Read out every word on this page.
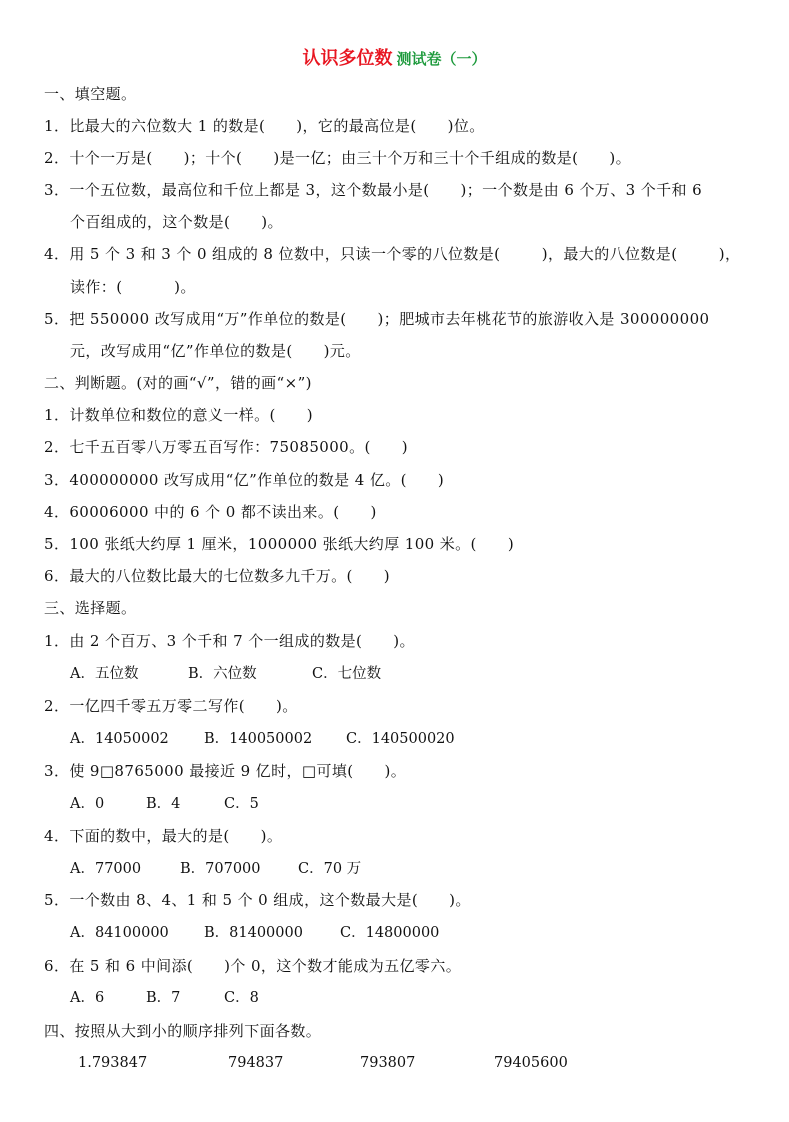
认识多位数 测试卷（一）
一、填空题。
1．比最大的六位数大 1 的数是(      )，它的最高位是(      )位。
2．十个一万是(      )；十个(      )是一亿；由三十个万和三十个千组成的数是(      )。
3．一个五位数，最高位和千位上都是 3，这个数最小是(      )；一个数是由 6 个万、3 个千和 6
个百组成的，这个数是(      )。
4．用 5 个 3 和 3 个 0 组成的 8 位数中，只读一个零的八位数是(        )，最大的八位数是(        )，
读作：(          )。
5．把 550000 改写成用“万”作单位的数是(      )；肥城市去年桃花节的旅游收入是 300000000
元，改写成用“亿”作单位的数是(      )元。
二、判断题。(对的画“√”，错的画“×”)
1．计数单位和数位的意义一样。(      )
2．七千五百零八万零五百写作：75085000。(      )
3．400000000 改写成用“亿”作单位的数是 4 亿。(      )
4．60006000 中的 6 个 0 都不读出来。(      )
5．100 张纸大约厚 1 厘米，1000000 张纸大约厚 100 米。(      )
6．最大的八位数比最大的七位数多九千万。(      )
三、选择题。
1．由 2 个百万、3 个千和 7 个一组成的数是(      )。
A．五位数	B．六位数	C．七位数
2．一亿四千零五万零二写作(      )。
A．14050002 B．140050002 C．140500020
3．使 9□8765000 最接近 9 亿时，□可填(      )。
A．0	B．4	C．5
4．下面的数中，最大的是(      )。
A．77000	B．707000	C．70 万
5．一个数由 8、4、1 和 5 个 0 组成，这个数最大是(      )。
A．84100000 B．81400000	C．14800000
6．在 5 和 6 中间添(      )个 0，这个数才能成为五亿零六。
A．6	B．7	C．8
四、按照从大到小的顺序排列下面各数。
1.793847	794837	793807	79405600
